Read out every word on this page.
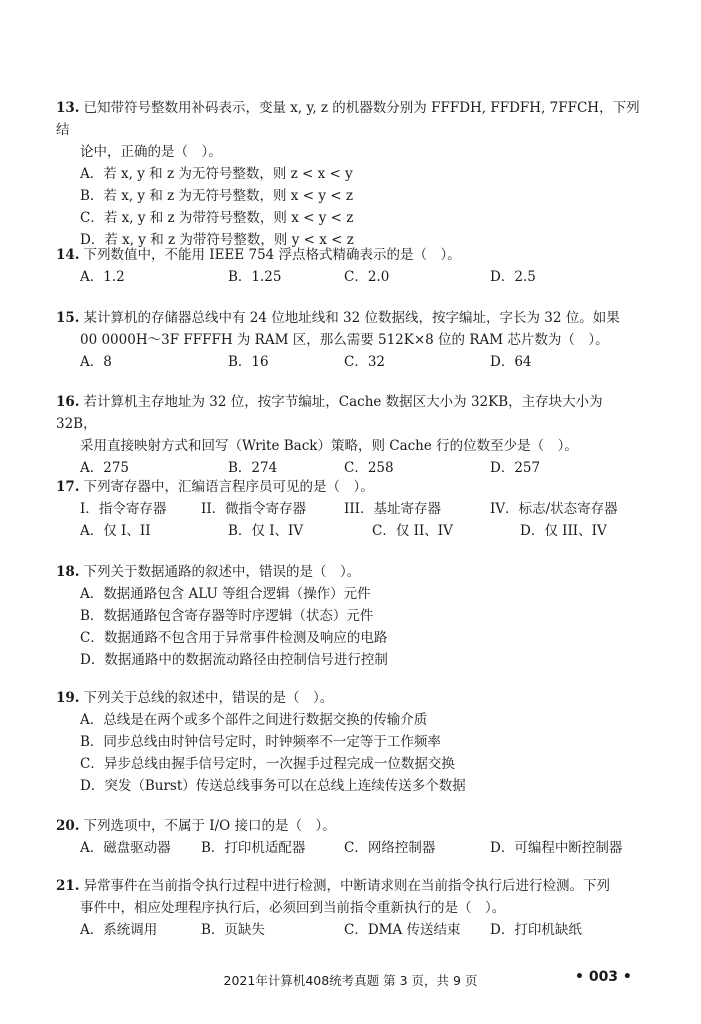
13. 已知带符号整数用补码表示，变量 x, y, z 的机器数分别为 FFFDH, FFDFH, 7FFCH，下列结
论中，正确的是（　）。
A．若 x, y 和 z 为无符号整数，则 z < x < y
B．若 x, y 和 z 为无符号整数，则 x < y < z
C．若 x, y 和 z 为带符号整数，则 x < y < z
D．若 x, y 和 z 为带符号整数，则 y < x < z
14. 下列数值中，不能用 IEEE 754 浮点格式精确表示的是（　）。
A．1.2	B．1.25	C．2.0	D．2.5
15. 某计算机的存储器总线中有 24 位地址线和 32 位数据线，按字编址，字长为 32 位。如果
00 0000H～3F FFFFH 为 RAM 区，那么需要 512K×8 位的 RAM 芯片数为（　）。
A．8	B．16	C．32	D．64
16. 若计算机主存地址为 32 位，按字节编址，Cache 数据区大小为 32KB，主存块大小为 32B，
采用直接映射方式和回写（Write Back）策略，则 Cache 行的位数至少是（　）。
A．275	B．274	C．258	D．257
17. 下列寄存器中，汇编语言程序员可见的是（　）。
I．指令寄存器	II．微指令寄存器	III．基址寄存器	IV．标志/状态寄存器
A．仅 I、II	B．仅 I、IV	C．仅 II、IV	D．仅 III、IV
18. 下列关于数据通路的叙述中，错误的是（　）。
A．数据通路包含 ALU 等组合逻辑（操作）元件
B．数据通路包含寄存器等时序逻辑（状态）元件
C．数据通路不包含用于异常事件检测及响应的电路
D．数据通路中的数据流动路径由控制信号进行控制
19. 下列关于总线的叙述中，错误的是（　）。
A．总线是在两个或多个部件之间进行数据交换的传输介质
B．同步总线由时钟信号定时，时钟频率不一定等于工作频率
C．异步总线由握手信号定时，一次握手过程完成一位数据交换
D．突发（Burst）传送总线事务可以在总线上连续传送多个数据
20. 下列选项中，不属于 I/O 接口的是（　）。
A．磁盘驱动器 B．打印机适配器	C．网络控制器	D．可编程中断控制器
21. 异常事件在当前指令执行过程中进行检测，中断请求则在当前指令执行后进行检测。下列
事件中，相应处理程序执行后，必须回到当前指令重新执行的是（　）。
A．系统调用	B．页缺失	C．DMA 传送结束 D．打印机缺纸
2021年计算机408统考真题 第 3 页，共 9 页	• 003 •
